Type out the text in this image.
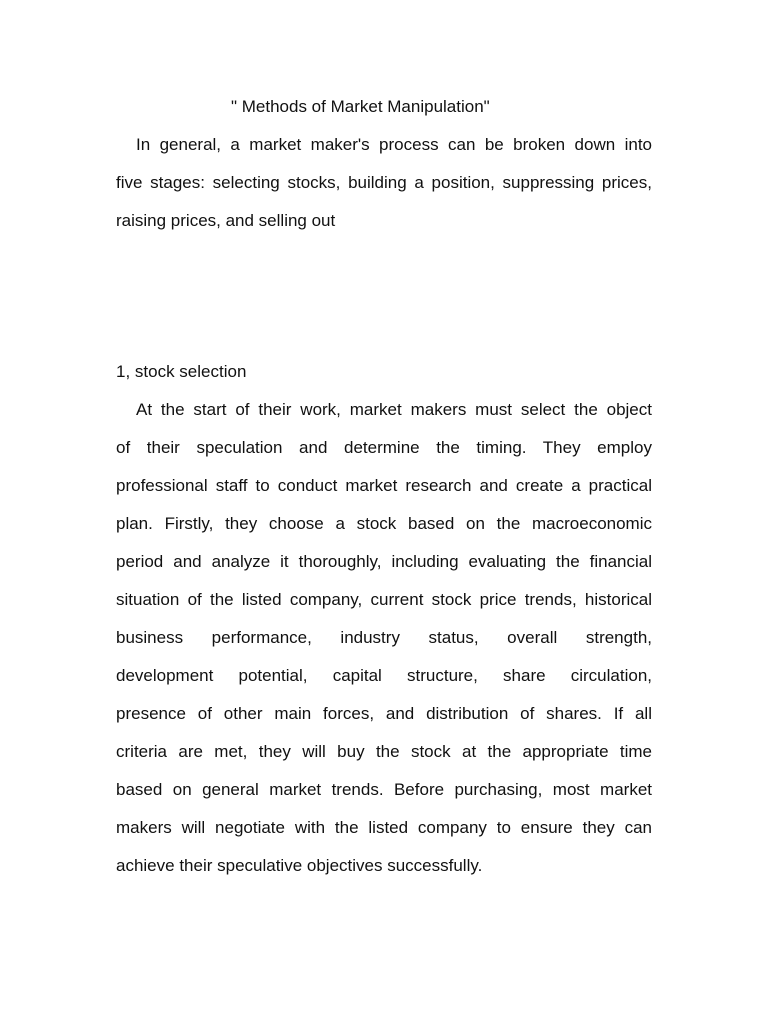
" Methods of Market Manipulation"
In general, a market maker's process can be broken down into
five stages: selecting stocks, building a position, suppressing prices,
raising prices, and selling out
1, stock selection
At the start of their work, market makers must select the object
of their speculation and determine the timing. They employ
professional staff to conduct market research and create a practical
plan. Firstly, they choose a stock based on the macroeconomic
period and analyze it thoroughly, including evaluating the financial
situation of the listed company, current stock price trends, historical
business performance, industry status, overall strength,
development potential, capital structure, share circulation,
presence of other main forces, and distribution of shares. If all
criteria are met, they will buy the stock at the appropriate time
based on general market trends. Before purchasing, most market
makers will negotiate with the listed company to ensure they can
achieve their speculative objectives successfully.
